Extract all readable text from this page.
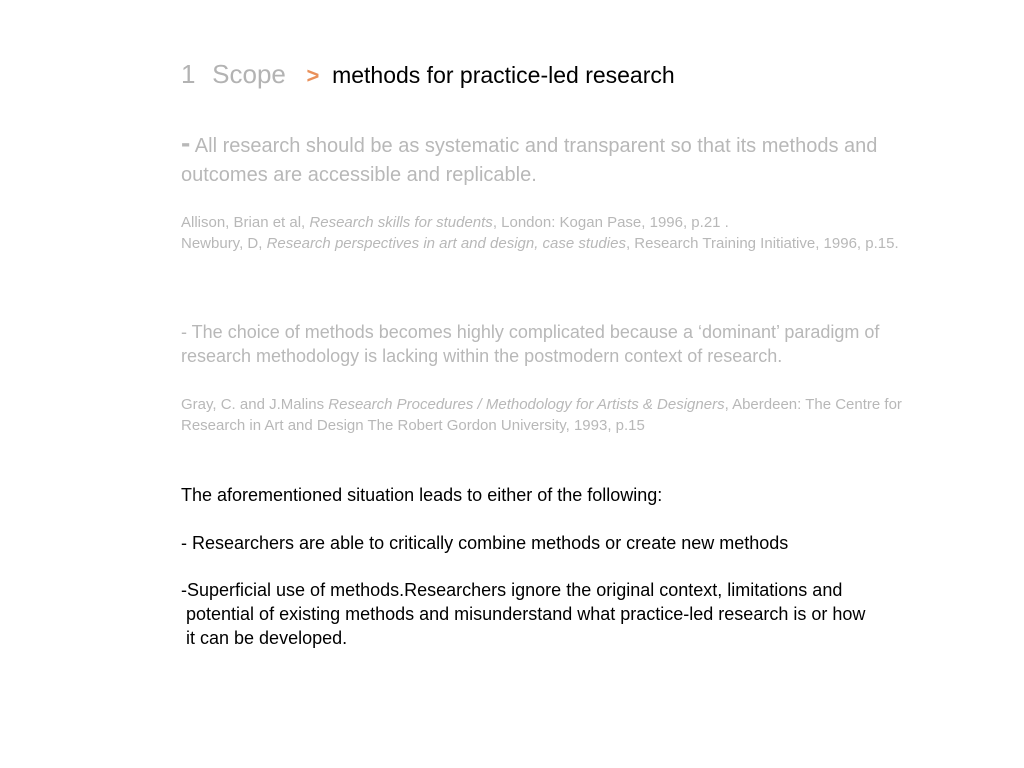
1 Scope > methods for practice-led research

- All research should be as systematic and transparent so that its methods and outcomes are accessible and replicable.

Allison, Brian et al, Research skills for students, London: Kogan Pase, 1996, p.21 .
Newbury, D, Research perspectives in art and design, case studies, Research Training Initiative, 1996, p.15.

- The choice of methods becomes highly complicated because a ‘dominant’ paradigm of research methodology is lacking within the postmodern context of research.

Gray, C. and J.Malins Research Procedures / Methodology for Artists & Designers, Aberdeen: The Centre for Research in Art and Design The Robert Gordon University, 1993, p.15

The aforementioned situation leads to either of the following:

- Researchers are able to critically combine methods or create new methods

-Superficial use of methods.Researchers ignore the original context, limitations and
potential of existing methods and misunderstand what practice-led research is or how
it can be developed.
